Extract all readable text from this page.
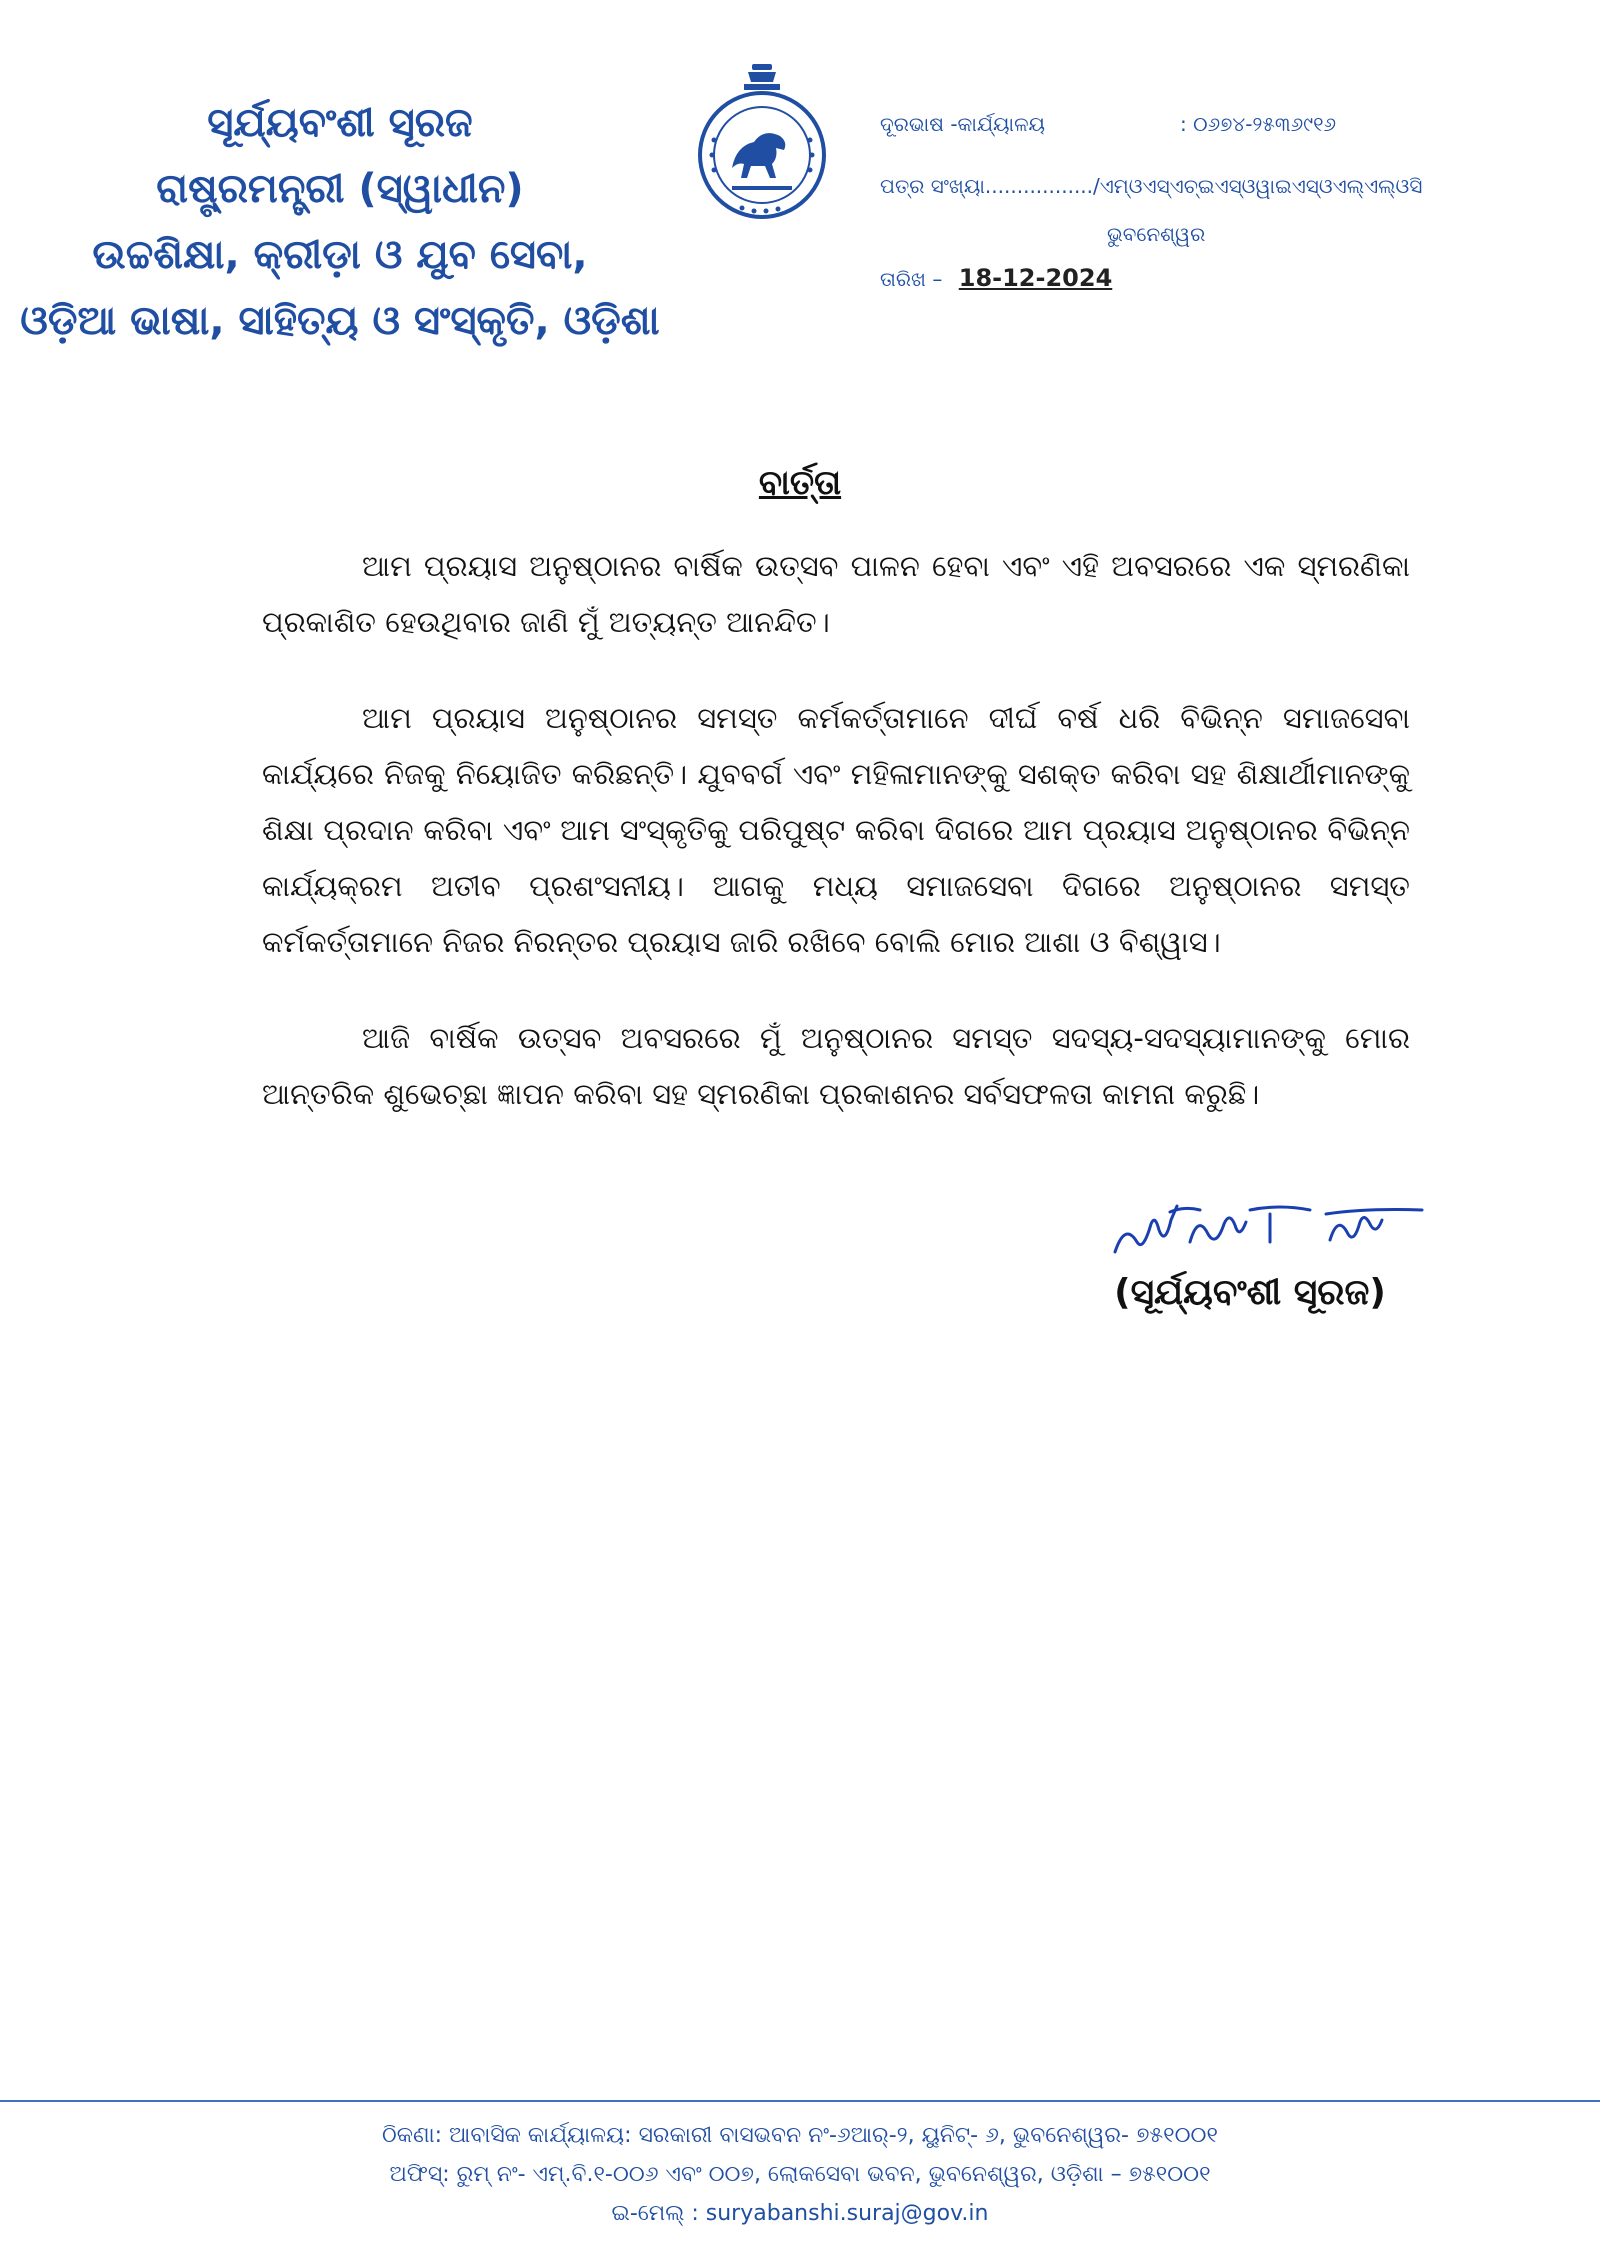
ସୂର୍ଯ୍ୟବଂଶୀ ସୂରଜ
ରାଷ୍ଟ୍ରମନ୍ତ୍ରୀ (ସ୍ୱାଧୀନ)
ଉଚ୍ଚଶିକ୍ଷା, କ୍ରୀଡ଼ା ଓ ଯୁବ ସେବା,
ଓଡ଼ିଆ ଭାଷା, ସାହିତ୍ୟ ଓ ସଂସ୍କୃତି, ଓଡ଼ିଶା
ଦୂରଭାଷ -କାର୍ଯ୍ୟାଳୟ	: ୦୬୭୪-୨୫୩୬୯୧୬
ପତ୍ର ସଂଖ୍ୟା................./ଏମ୍ଓଏସ୍ଏଚ୍ଇଏସ୍ଓୱାଇଏସ୍ଓଏଲ୍ଏଲ୍ଓସି
ଭୁବନେଶ୍ୱର
ତାରିଖ – 18-12-2024
ବାର୍ତ୍ତା

ଆମ ପ୍ରୟାସ ଅନୁଷ୍ଠାନର ବାର୍ଷିକ ଉତ୍ସବ ପାଳନ ହେବା ଏବଂ ଏହି ଅବସରରେ ଏକ ସ୍ମରଣିକା ପ୍ରକାଶିତ ହେଉଥିବାର ଜାଣି ମୁଁ ଅତ୍ୟନ୍ତ ଆନନ୍ଦିତ।

ଆମ ପ୍ରୟାସ ଅନୁଷ୍ଠାନର ସମସ୍ତ କର୍ମକର୍ତ୍ତାମାନେ ଦୀର୍ଘ ବର୍ଷ ଧରି ବିଭିନ୍ନ ସମାଜସେବା କାର୍ଯ୍ୟରେ ନିଜକୁ ନିୟୋଜିତ କରିଛନ୍ତି। ଯୁବବର୍ଗ ଏବଂ ମହିଳାମାନଙ୍କୁ ସଶକ୍ତ କରିବା ସହ ଶିକ୍ଷାର୍ଥୀମାନଙ୍କୁ ଶିକ୍ଷା ପ୍ରଦାନ କରିବା ଏବଂ ଆମ ସଂସ୍କୃତିକୁ ପରିପୁଷ୍ଟ କରିବା ଦିଗରେ ଆମ ପ୍ରୟାସ ଅନୁଷ୍ଠାନର ବିଭିନ୍ନ କାର୍ଯ୍ୟକ୍ରମ ଅତୀବ ପ୍ରଶଂସନୀୟ। ଆଗକୁ ମଧ୍ୟ ସମାଜସେବା ଦିଗରେ ଅନୁଷ୍ଠାନର ସମସ୍ତ କର୍ମକର୍ତ୍ତାମାନେ ନିଜର ନିରନ୍ତର ପ୍ରୟାସ ଜାରି ରଖିବେ ବୋଲି ମୋର ଆଶା ଓ ବିଶ୍ୱାସ।

ଆଜି ବାର୍ଷିକ ଉତ୍ସବ ଅବସରରେ ମୁଁ ଅନୁଷ୍ଠାନର ସମସ୍ତ ସଦସ୍ୟ-ସଦସ୍ୟାମାନଙ୍କୁ ମୋର ଆନ୍ତରିକ ଶୁଭେଚ୍ଛା ଜ୍ଞାପନ କରିବା ସହ ସ୍ମରଣିକା ପ୍ରକାଶନର ସର୍ବସଫଳତା କାମନା କରୁଛି।

(ସୂର୍ଯ୍ୟବଂଶୀ ସୂରଜ)
ଠିକଣା: ଆବାସିକ କାର୍ଯ୍ୟାଳୟ: ସରକାରୀ ବାସଭବନ ନଂ-୬ଆର୍-୨, ୟୁନିଟ୍- ୬, ଭୁବନେଶ୍ୱର- ୭୫୧୦୦୧
ଅଫିସ୍: ରୁମ୍ ନଂ- ଏମ୍.ବି.୧-୦୦୬ ଏବଂ ୦୦୭, ଲୋକସେବା ଭବନ, ଭୁବନେଶ୍ୱର, ଓଡ଼ିଶା – ୭୫୧୦୦୧
ଇ-ମେଲ୍ : suryabanshi.suraj@gov.in
